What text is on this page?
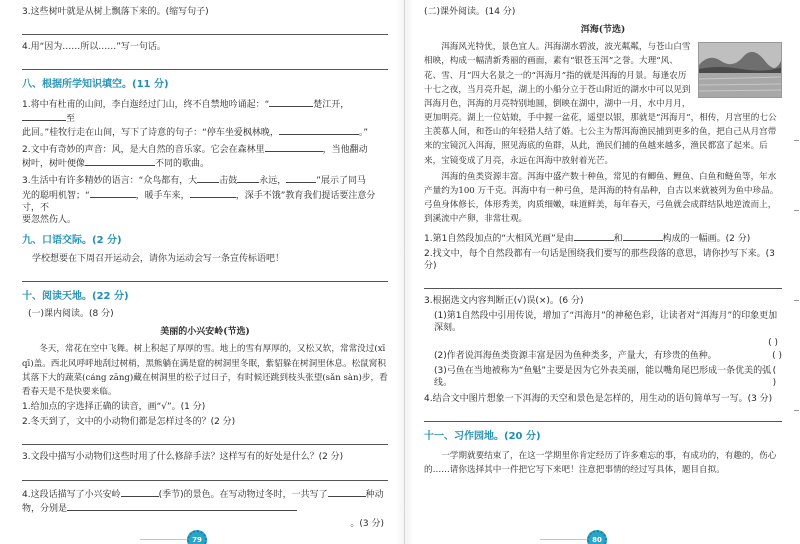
3.这些树叶就是从树上飘落下来的。(缩写句子)
4.用“因为……所以……”写一句话。
八、根据所学知识填空。(11 分)
1.将中有杜甫的山间，李白迤经过门山，终不自禁地吟诵起：“	楚江开，至
此回。”桂牧行走在山间，写下了诗意的句子：“停车坐爱枫林晚，	。”
2.文中有奇妙的声音：风，是大自然的音乐家。它会在森林里	，当他翻动
树叶，树叶便像	不同的歌曲。
3.生活中有许多精妙的语言：“众鸟都有，大 击鼓 永远，	”展示了同马
光的聪明机智；“	，暖手车来，	，深手不饿”教育我们提话要注意分寸，不
要忽然伤人。
九、口语交际。(2 分)
学校想要在下周召开运动会，请你为运动会写一条宣传标语吧！
十、阅读天地。(22 分)
(一)课内阅读。(8 分)
美丽的小兴安岭(节选)
冬天，常花在空中飞舞。树上积起了厚厚的雪。地上的雪有厚厚的，又松又软，常常没过(xī qī)盖。西北风呼呼地刮过树梢，黑熊躺在满是窟的树洞里冬眠，紫貂躲在树洞里休息。松鼠窝积其落下大的蔬菜(cáng zāng)藏在树洞里的松子过日子，有时候还跳到枝头张望(sǎn sàn)步，看看春天是不是快要来临。
1.给加点的字选择正确的读音，画“√”。(1 分)
2.冬天到了，文中的小动物们都是怎样过冬的？(2 分)
3.文段中描写小动物们这些时用了什么修辞手法？这样写有的好处是什么？(2 分)
4.这段话描写了小兴安岭	(季节)的景色。在写动物过冬时，一共写了	种动
物，分别是
。(3 分)
79
(二)课外阅读。(14 分)
洱海(节选)
洱海风光特优，景色宜人。洱海湖水碧波，波光粼粼，与苍山白雪相映，构成一幅清新秀丽的画面，素有“银苍玉洱”之誉。大理“风、花、雪、月”四大名景之一的“洱海月”指的就是洱海的月景。每逢农历十七之夜，当月亮升起，湖上的小船分立于苍山附近的湖水中可以见到洱海月色，洱海的月亮特别地圆，倒映在湖中，湖中一月，水中月月，更加明亮。湖上一位姑娘，手中握一盆花，遥望以银，那就是“洱海月”，相传，月宫里的七公主羡慕人间，和苍山的年轻猎人结了婚。七公主为帮洱海渔民捕到更多的鱼，把自己从月宫带来的宝镜沉入洱海，照见海底的鱼群，从此，渔民们捕的鱼越来越多，渔民都富了起来。后来，宝镜变成了月亮，永远在洱海中放射着光芒。
洱海的鱼类资源丰富。洱海中盛产数十种鱼，常见的有鲫鱼、鲤鱼、白鱼和鲢鱼等，年水产量约为100 万千克。洱海中有一种弓鱼，是洱海的特有品种，自古以来就被列为鱼中珍品。弓鱼身体修长，体形秀美，肉质细嫩，味道鲜美，每年春天，弓鱼就会成群结队地逆流而上，到溪流中产卵，非常壮观。
1.第1自然段加点的“大相风光画”是由	和	构成的一幅画。(2 分)
2.找文中，每个自然段都有一句话是围绕我们要写的那些段落的意思，请你抄写下来。(3 分)
3.根据选文内容判断正(√)误(×)。(6 分)
(1)第1自然段中引用传说，增加了“洱海月”的神秘色彩，让读者对“洱海月”的印象更加深刻。
( )
(2)作者说洱海鱼类资源丰富是因为鱼种类多，产量大，有珍贵的鱼种。	( )
(3)弓鱼在当地被称为“鱼魁”主要是因为它外表美丽，能以嘴角尾巴形成一条优美的弧线。
( )
4.结合文中图片想象一下洱海的天空和景色是怎样的，用生动的语句简单写一写。(3 分)
十一、习作园地。(20 分)
一学期就要结束了，在这一学期里你肯定经历了许多难忘的事，有成功的，有趣的，伤心的……请你选择其中一件把它写下来吧！注意把事情的经过写具体，题目自拟。
80
